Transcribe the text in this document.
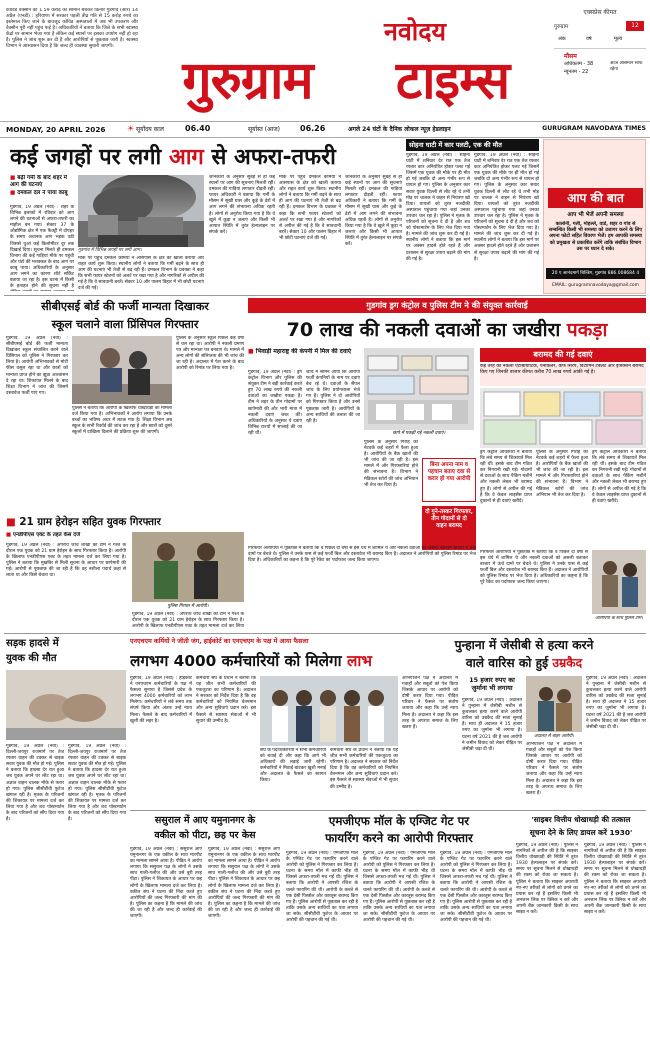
कोविड वैक्सीन की 1.59 करोड़ का सामान बेचकर किनारे गुडगांव (आर) 14 अप्रैल (एनडी) : हरियाणा में सरकार पहली तीव्र गति से 15 करोड़ रुपये का इस्तेमाल किए जाने के बावजूद कोविड अस्पतालों में अब भी उपकरण और वैक्सीन पूरी नहीं पहुंच पाई है। अधिकारियों ने बताया कि जिले के सभी स्वास्थ्य केंद्रों पर सामान भेजा गया है लेकिन कई स्थानों पर इसका उपयोग नहीं हो रहा है। पुलिस ने जांच शुरू कर दी है और आरोपियों से पूछताछ जारी है। स्वास्थ्य विभाग ने आश्वासन दिया है कि जल्द ही व्यवस्था सुधारी जाएगी।
नवोदय
गुरुग्राम	टाइम्स
एक्सप्रेस कीमत
गुरुग्राम	12
अंक	वर्ष	मूल्य
मौसम
अधिकतम - 38
न्यूनतम - 22
आज आसमान साफ रहेगा
MONDAY, 20 APRIL 2026	☀ सूर्योदय काल	06.40	सूर्यास्त (आज)	06.26	अगले 24 घंटों के दैनिक लोकल न्यूज़ हेडलाइन	GURUGRAM NAVODAYA TIMES
कई जगहों पर लगी आग से अफरा-तफरी
■ बढ़ी गर्मी के बाद शहर में आग की घटनाएं
■ दमकल दल ने पाया काबू
गुडगांव, 19 अप्रैल (नवो) : शहर के विभिन्न इलाकों में रविवार को आग लगने की घटनाओं से अफरा-तफरी का माहौल बन गया। सेक्टर 37 के औद्योगिक क्षेत्र में एक फैक्ट्री में दोपहर के समय अचानक आग भड़क उठी जिससे धुआं कई किलोमीटर दूर तक दिखाई दिया। सूचना मिलते ही दमकल विभाग की कई गाड़ियां मौके पर पहुंची और घंटों की मशक्कत के बाद आग पर काबू पाया। अधिकारियों के अनुसार आग लगने का कारण शॉर्ट सर्किट बताया जा रहा है। इस घटना में किसी के हताहत होने की सूचना नहीं है
गुडगांव में विभिन्न जगहों पर लगी आग।
मौके पर पहुंचे दमकल कर्मियों ने आसपास के क्षेत्र को खाली कराया और राहत कार्य शुरू किया। स्थानीय लोगों ने बताया कि गर्मी बढ़ने के साथ ही आग की घटनाएं भी तेजी से बढ़ रही हैं। दमकल विभाग के प्रवक्ता ने कहा कि सभी फायर स्टेशनों को अलर्ट पर रखा गया है और नागरिकों से अपील की गई है कि वे सावधानी बरतें। सेक्टर 10 और पालम विहार में भी छोटी घटनाएं दर्ज की गईं।
जानकारी के अनुसार सुबह से ही कई स्थानों पर आग की सूचनाएं मिलती रहीं। दमकल की गाड़ियां लगातार दौड़ती रहीं। फायर अधिकारी ने बताया कि गर्मी के मौसम में सूखी घास और कूड़े के ढेरों में आग लगने की संभावना अधिक रहती है। लोगों से अनुरोध किया गया है कि वे खुले में कूड़ा न जलाएं और किसी भी आपात स्थिति में तुरंत हेल्पलाइन पर संपर्क करें।
मौके पर पहुंचे दमकल कर्मियों ने आसपास के क्षेत्र को खाली कराया और राहत कार्य शुरू किया। स्थानीय लोगों ने बताया कि गर्मी बढ़ने के साथ ही आग की घटनाएं भी तेजी से बढ़ रही हैं। दमकल विभाग के प्रवक्ता ने कहा कि सभी फायर स्टेशनों को अलर्ट पर रखा गया है और नागरिकों से अपील की गई है कि वे सावधानी बरतें। सेक्टर 10 और पालम विहार में भी छोटी घटनाएं दर्ज की गईं।
जानकारी के अनुसार सुबह से ही कई स्थानों पर आग की सूचनाएं मिलती रहीं। दमकल की गाड़ियां लगातार दौड़ती रहीं। फायर अधिकारी ने बताया कि गर्मी के मौसम में सूखी घास और कूड़े के ढेरों में आग लगने की संभावना अधिक रहती है। लोगों से अनुरोध किया गया है कि वे खुले में कूड़ा न जलाएं और किसी भी आपात स्थिति में तुरंत हेल्पलाइन पर संपर्क करें।
सोहना घाटी में कार पलटी, एक की मौत
गुडगांव, 19 अप्रैल (नवो) : सोहना घाटी में शनिवार देर रात एक तेज रफ्तार कार अनियंत्रित होकर पलट गई जिसमें एक युवक की मौके पर ही मौत हो गई जबकि दो अन्य गंभीर रूप से घायल हो गए। पुलिस के अनुसार कार सवार युवक दिल्ली से लौट रहे थे तभी मोड़ पर चालक ने वाहन से नियंत्रण खो दिया। घायलों को तुरंत नजदीकी अस्पताल पहुंचाया गया जहां उनका उपचार चल रहा है। पुलिस ने मृतक के परिजनों को सूचना दे दी है और शव को पोस्टमार्टम के लिए भेज दिया गया है। मामले की जांच शुरू कर दी गई है। स्थानीय लोगों ने बताया कि इस मार्ग पर अक्सर हादसे होते रहते हैं और प्रशासन से सुरक्षा उपाय बढ़ाने की मांग की गई है।
गुडगांव, 19 अप्रैल (नवो) : सोहना घाटी में शनिवार देर रात एक तेज रफ्तार कार अनियंत्रित होकर पलट गई जिसमें एक युवक की मौके पर ही मौत हो गई जबकि दो अन्य गंभीर रूप से घायल हो गए। पुलिस के अनुसार कार सवार युवक दिल्ली से लौट रहे थे तभी मोड़ पर चालक ने वाहन से नियंत्रण खो दिया। घायलों को तुरंत नजदीकी अस्पताल पहुंचाया गया जहां उनका उपचार चल रहा है। पुलिस ने मृतक के परिजनों को सूचना दे दी है और शव को पोस्टमार्टम के लिए भेज दिया गया है। मामले की जांच शुरू कर दी गई है। स्थानीय लोगों ने बताया कि इस मार्ग पर अक्सर हादसे होते रहते हैं और प्रशासन से सुरक्षा उपाय बढ़ाने की मांग की गई है।
आप की बात
आप भी भेजें अपनी समस्या
कालोनी, गली, मोहल्ले, वार्ड, शहर व गांव से सम्बन्धित किसी भी समस्या को उजागर करने के लिए अपना फोटो सहित विवरण भेजें। हम आपकी समस्या को प्रमुखता से प्रकाशित करेंगे ताकि संबंधित विभाग उस पर ध्यान दे सके।
20 ए आनंदमार्ग बिल्डिंग, गुडगांव 886.008684 4
EMAIL: gurugramnavodaya@gmail.com
सीबीएसई बोर्ड की फर्जी मान्यता दिखाकर
स्कूल चलाने वाला प्रिंसिपल गिरफ्तार
गुडगांव, 19 अप्रैल (नवो) : सीबीएसई बोर्ड की फर्जी मान्यता दिखाकर स्कूल संचालित करने वाले प्रिंसिपल को पुलिस ने गिरफ्तार कर लिया है। आरोपी अभिभावकों से मोटी फीस वसूल रहा था और छात्रों को मान्यता प्राप्त होने का झूठा आश्वासन दे रहा था। शिकायत मिलने के बाद शिक्षा विभाग ने जांच की जिसमें दस्तावेज फर्जी पाए गए।
पुलिस ने बताया कि आरोपी के खिलाफ धोखाधड़ी का मामला दर्ज किया गया है। अभिभावकों ने आरोप लगाया कि उनके बच्चों का भविष्य अधर में लटक गया है। शिक्षा विभाग अब स्कूल के सभी रिकॉर्ड की जांच कर रहा है और छात्रों को दूसरे स्कूलों में दाखिला दिलाने की प्रक्रिया शुरू की जाएगी।
पुलिस के अनुसार स्कूल पिछले कई वर्षों से चल रहा था। आरोपी ने नकली प्रमाण पत्र और मान्यता पत्र बनवाए थे। मामले में अन्य लोगों की संलिप्तता की भी जांच की जा रही है। अदालत में पेश करने के बाद आरोपी को रिमांड पर लिया गया है।
■ 21 ग्राम हेरोइन सहित युवक गिरफ्तार
■ एनडीपीएस एक्ट के तहत केस दर्ज
गुडगांव, 19 अप्रैल (नवो) : अपराध जांच शाखा की टीम ने गश्त के दौरान एक युवक को 21 ग्राम हेरोइन के साथ गिरफ्तार किया है। आरोपी के खिलाफ एनडीपीएस एक्ट के तहत मामला दर्ज कर लिया गया है। पुलिस ने बताया कि मुखबिर से मिली सूचना के आधार पर छापेमारी की गई। आरोपी से पूछताछ की जा रही है कि वह नशीला पदार्थ कहां से लाता था और किसे बेचता था।
पुलिस गिरफ्त में आरोपी।
गुडगांव, 19 अप्रैल (नवो) : अपराध जांच शाखा की टीम ने गश्त के दौरान एक युवक को 21 ग्राम हेरोइन के साथ गिरफ्तार किया है। आरोपी के खिलाफ एनडीपीएस एक्ट के तहत मामला दर्ज कर लिया
गुडगांव ड्रग कंट्रोल व पुलिस टीम ने की संयुक्त कार्रवाई
70 लाख की नकली दवाओं का जखीरा पकड़ा
■ भिवाड़ी महाराष्ट्र की कंपनी में मिल की दवाएं
गुडगांव, 19 अप्रैल (नवो) : ड्रग कंट्रोल विभाग और पुलिस की संयुक्त टीम ने बड़ी कार्रवाई करते हुए 70 लाख रुपये की नकली दवाओं का जखीरा पकड़ा है। टीम ने शहर के तीन गोदामों पर छापेमारी की और भारी मात्रा में नकली दवाएं जब्त कीं। अधिकारियों के अनुसार ये दवाएं विभिन्न राज्यों में सप्लाई की जा रही थीं।
जांच में सामने आया कि आरोपी फर्जी कंपनियों के नाम पर दवाएं बेच रहे थे। दवाओं के सैंपल जांच के लिए प्रयोगशाला भेजे गए हैं। पुलिस ने दो आरोपियों को गिरफ्तार किया है और उनसे पूछताछ जारी है। आरोपियों के अन्य साथियों की तलाश की जा रही है।
छापे में पकड़ी गई नकली दवाएं।
बरामद की गई दवाएं
कई तरह की नकली एंटीबायोटिक, पेनकिलर, कफ सिरप, विटामिन टैबलेट और इंजेक्शन बरामद किए गए जिनकी बाजार कीमत करीब 70 लाख रुपये आंकी गई है।
ड्रग कंट्रोल अधिकारी ने बताया कि लंबे समय से शिकायतें मिल रही थीं। इसके बाद टीम गठित कर निगरानी रखी गई। गोदामों से दवाओं के साथ पैकिंग मशीनें और नकली लेबल भी बरामद हुए हैं। लोगों से अपील की गई है कि वे केवल लाइसेंस प्राप्त दुकानों से ही दवाएं खरीदें।
पुलिस के अनुसार गिरोह का नेटवर्क कई शहरों में फैला हुआ है। आरोपियों के बैंक खातों की भी जांच की जा रही है। इस मामले में और गिरफ्तारियां होने की संभावना है। विभाग ने मेडिकल स्टोरों की जांच अभियान भी तेज कर दिया है।
ड्रग कंट्रोल अधिकारी ने बताया कि लंबे समय से शिकायतें मिल रही थीं। इसके बाद टीम गठित कर निगरानी रखी गई। गोदामों से दवाओं के साथ पैकिंग मशीनें और नकली लेबल भी बरामद हुए हैं। लोगों से अपील की गई है कि वे केवल लाइसेंस प्राप्त दुकानों से ही दवाएं खरीदें।
पुलिस के अनुसार गिरोह का नेटवर्क कई शहरों में फैला हुआ है। आरोपियों के बैंक खातों की भी जांच की जा रही है। इस मामले में और गिरफ्तारियां होने की संभावना है। विभाग ने मेडिकल स्टोरों की जांच अभियान भी तेज कर दिया है।
बिना अपना नाम व पहचान बताए दवा से करार हो गया आरोपी
दो गुने-तस्कर गिरफ्तार, तीन गोदामों से दो वाहन बरामद
गिरफ्तार आरोपियों ने पूछताछ में बताया कि वे पिछले दो वर्षों से इस धंधे में शामिल थे और नकली दवाओं को असली बताकर बाजार में ऊंचे दामों पर बेचते थे। पुलिस ने उनके पास से कई फर्जी बिल और दस्तावेज भी बरामद किए हैं। अदालत ने आरोपियों को पुलिस रिमांड पर भेज दिया है। अधिकारियों का कहना है कि पूरे रैकेट का पर्दाफाश जल्द किया जाएगा।
गिरफ्तार आरोपियों ने पूछताछ में बताया कि वे पिछले दो वर्षों से इस धंधे में शामिल थे और नकली दवाओं को असली बताकर बाजार में ऊंचे दामों पर बेचते थे। पुलिस ने उनके पास से कई फर्जी बिल और दस्तावेज भी बरामद किए हैं। अदालत ने आरोपियों को पुलिस रिमांड पर भेज दिया है। अधिकारियों का कहना है कि पूरे रैकेट का पर्दाफाश जल्द किया जाएगा।
आरोपियों के साथ पुलिस टीम।
सड़क हादसे में
युवक की मौत
गुडगांव, 19 अप्रैल (नवो) : दिल्ली-जयपुर राजमार्ग पर तेज रफ्तार वाहन की टक्कर से बाइक सवार युवक की मौत हो गई। पुलिस ने बताया कि हादसा देर रात हुआ जब युवक अपने घर लौट रहा था। अज्ञात वाहन चालक मौके से फरार हो गया। पुलिस सीसीटीवी फुटेज खंगाल रही है। मृतक के परिजनों की शिकायत पर मामला दर्ज कर लिया गया है और शव पोस्टमार्टम के बाद परिजनों को सौंप दिया गया है।
गुडगांव, 19 अप्रैल (नवो) : दिल्ली-जयपुर राजमार्ग पर तेज रफ्तार वाहन की टक्कर से बाइक सवार युवक की मौत हो गई। पुलिस ने बताया कि हादसा देर रात हुआ जब युवक अपने घर लौट रहा था। अज्ञात वाहन चालक मौके से फरार हो गया। पुलिस सीसीटीवी फुटेज खंगाल रही है। मृतक के परिजनों की शिकायत पर मामला दर्ज कर लिया गया है और शव पोस्टमार्टम के बाद परिजनों को सौंप दिया गया है।
एनएचएम कर्मियों ने जीती जंग, हाईकोर्ट का एनएचएम के पक्ष में आया फैसला
लगभग 4000 कर्मचारियों को मिलेगा लाभ
गुडगांव, 19 अप्रैल (नवो) : हाईकोर्ट ने एनएचएम कर्मचारियों के पक्ष में फैसला सुनाया है जिससे प्रदेश के लगभग 4000 कर्मचारियों को लाभ मिलेगा। कर्मचारियों ने लंबे समय तक संघर्ष किया और अंततः उन्हें न्याय मिला। फैसले के बाद कर्मचारियों में खुशी की लहर है।
कर्मचारी संघ के प्रधान ने बताया कि यह जीत सभी कर्मचारियों की एकजुटता का परिणाम है। अदालत ने सरकार को निर्देश दिया है कि वह कर्मचारियों को नियमित वेतनमान और अन्य सुविधाएं प्रदान करे। इस फैसले से स्वास्थ्य सेवाओं में भी सुधार की उम्मीद है।
संघ के पदाधिकारियों ने सभी कर्मचारियों को बधाई दी और कहा कि आगे भी अधिकारों की लड़ाई जारी रहेगी। कर्मचारियों ने मिठाई बांटकर खुशी मनाई और अदालत के फैसले का स्वागत किया।
कर्मचारी संघ के प्रधान ने बताया कि यह जीत सभी कर्मचारियों की एकजुटता का परिणाम है। अदालत ने सरकार को निर्देश दिया है कि वह कर्मचारियों को नियमित वेतनमान और अन्य सुविधाएं प्रदान करे। इस फैसले से स्वास्थ्य सेवाओं में भी सुधार की उम्मीद है।
पुन्हाना में जेसीबी से हत्या करने
वाले वारिस को हुई उम्रकैद
अभियोजन पक्ष ने अदालत में गवाहों और सबूतों को पेश किया जिसके आधार पर आरोपी को दोषी करार दिया गया। पीड़ित परिवार ने फैसले पर संतोष जताया और कहा कि उन्हें न्याय मिला है। अदालत ने कहा कि इस तरह के अपराध समाज के लिए खतरा हैं।
15 हजार रुपए का जुर्माना भी लगाया
गुडगांव, 19 अप्रैल (नवो) : अदालत ने पुन्हाना में जेसीबी मशीन से कुचलकर हत्या करने वाले आरोपी वारिस को उम्रकैद की सजा सुनाई है। साथ ही अदालत ने 15 हजार रुपए का जुर्माना भी लगाया है। घटना वर्ष 2021 की है जब आरोपी ने जमीन विवाद को लेकर पीड़ित पर जेसीबी चढ़ा दी थी।
अदालत से बाहर आरोपी।
अभियोजन पक्ष ने अदालत में गवाहों और सबूतों को पेश किया जिसके आधार पर आरोपी को दोषी करार दिया गया। पीड़ित परिवार ने फैसले पर संतोष जताया और कहा कि उन्हें न्याय मिला है। अदालत ने कहा कि इस तरह के अपराध समाज के लिए खतरा हैं।
गुडगांव, 19 अप्रैल (नवो) : अदालत ने पुन्हाना में जेसीबी मशीन से कुचलकर हत्या करने वाले आरोपी वारिस को उम्रकैद की सजा सुनाई है। साथ ही अदालत ने 15 हजार रुपए का जुर्माना भी लगाया है। घटना वर्ष 2021 की है जब आरोपी ने जमीन विवाद को लेकर पीड़ित पर जेसीबी चढ़ा दी थी।
ससुराल में आए यमुनानगर के
वकील को पीटा, छह पर केस
गुडगांव, 19 अप्रैल (नवो) : ससुराल आए यमुनानगर के एक वकील के साथ मारपीट का मामला सामने आया है। पीड़ित ने आरोप लगाया कि ससुराल पक्ष के लोगों ने उसके साथ गाली-गलौज की और उसे बुरी तरह पीटा। पुलिस ने शिकायत के आधार पर छह लोगों के खिलाफ मामला दर्ज कर लिया है। वकील संघ ने घटना की निंदा करते हुए आरोपियों की जल्द गिरफ्तारी की मांग की है। पुलिस का कहना है कि मामले की जांच की जा रही है और जल्द ही कार्रवाई की जाएगी।
गुडगांव, 19 अप्रैल (नवो) : ससुराल आए यमुनानगर के एक वकील के साथ मारपीट का मामला सामने आया है। पीड़ित ने आरोप लगाया कि ससुराल पक्ष के लोगों ने उसके साथ गाली-गलौज की और उसे बुरी तरह पीटा। पुलिस ने शिकायत के आधार पर छह लोगों के खिलाफ मामला दर्ज कर लिया है। वकील संघ ने घटना की निंदा करते हुए आरोपियों की जल्द गिरफ्तारी की मांग की है। पुलिस का कहना है कि मामले की जांच की जा रही है और जल्द ही कार्रवाई की जाएगी।
एमजीएफ मॉल के एग्जिट गेट पर
फायरिंग करने का आरोपी गिरफ्तार
गुडगांव, 19 अप्रैल (नवो) : एमजीएफ मॉल के एग्जिट गेट पर फायरिंग करने वाले आरोपी को पुलिस ने गिरफ्तार कर लिया है। घटना के समय मॉल में काफी भीड़ थी जिससे अफरा-तफरी मच गई थी। पुलिस ने बताया कि आरोपी ने आपसी रंजिश के चलते फायरिंग की थी। आरोपी के कब्जे से एक देसी पिस्तौल और कारतूस बरामद किए गए हैं। पुलिस आरोपी से पूछताछ कर रही है ताकि उसके अन्य साथियों का पता लगाया जा सके। सीसीटीवी फुटेज के आधार पर आरोपी की पहचान की गई थी।
गुडगांव, 19 अप्रैल (नवो) : एमजीएफ मॉल के एग्जिट गेट पर फायरिंग करने वाले आरोपी को पुलिस ने गिरफ्तार कर लिया है। घटना के समय मॉल में काफी भीड़ थी जिससे अफरा-तफरी मच गई थी। पुलिस ने बताया कि आरोपी ने आपसी रंजिश के चलते फायरिंग की थी। आरोपी के कब्जे से एक देसी पिस्तौल और कारतूस बरामद किए गए हैं। पुलिस आरोपी से पूछताछ कर रही है ताकि उसके अन्य साथियों का पता लगाया जा सके। सीसीटीवी फुटेज के आधार पर आरोपी की पहचान की गई थी।
गुडगांव, 19 अप्रैल (नवो) : एमजीएफ मॉल के एग्जिट गेट पर फायरिंग करने वाले आरोपी को पुलिस ने गिरफ्तार कर लिया है। घटना के समय मॉल में काफी भीड़ थी जिससे अफरा-तफरी मच गई थी। पुलिस ने बताया कि आरोपी ने आपसी रंजिश के चलते फायरिंग की थी। आरोपी के कब्जे से एक देसी पिस्तौल और कारतूस बरामद किए गए हैं। पुलिस आरोपी से पूछताछ कर रही है ताकि उसके अन्य साथियों का पता लगाया जा सके। सीसीटीवी फुटेज के आधार पर आरोपी की पहचान की गई थी।
'साइबर वित्तीय धोखाधड़ी की तत्काल
सूचना देने के लिए डायल करें 1930'
गुडगांव, 19 अप्रैल (नवो) : पुलिस ने नागरिकों से अपील की है कि साइबर वित्तीय धोखाधड़ी की स्थिति में तुरंत 1930 हेल्पलाइन पर संपर्क करें। समय पर सूचना मिलने से धोखाधड़ी की रकम को रोका जा सकता है। पुलिस ने बताया कि साइबर अपराधी नए-नए तरीकों से लोगों को ठगने का प्रयास कर रहे हैं इसलिए किसी भी अनजान लिंक पर क्लिक न करें और अपनी बैंक जानकारी किसी के साथ साझा न करें।
गुडगांव, 19 अप्रैल (नवो) : पुलिस ने नागरिकों से अपील की है कि साइबर वित्तीय धोखाधड़ी की स्थिति में तुरंत 1930 हेल्पलाइन पर संपर्क करें। समय पर सूचना मिलने से धोखाधड़ी की रकम को रोका जा सकता है। पुलिस ने बताया कि साइबर अपराधी नए-नए तरीकों से लोगों को ठगने का प्रयास कर रहे हैं इसलिए किसी भी अनजान लिंक पर क्लिक न करें और अपनी बैंक जानकारी किसी के साथ साझा न करें।
